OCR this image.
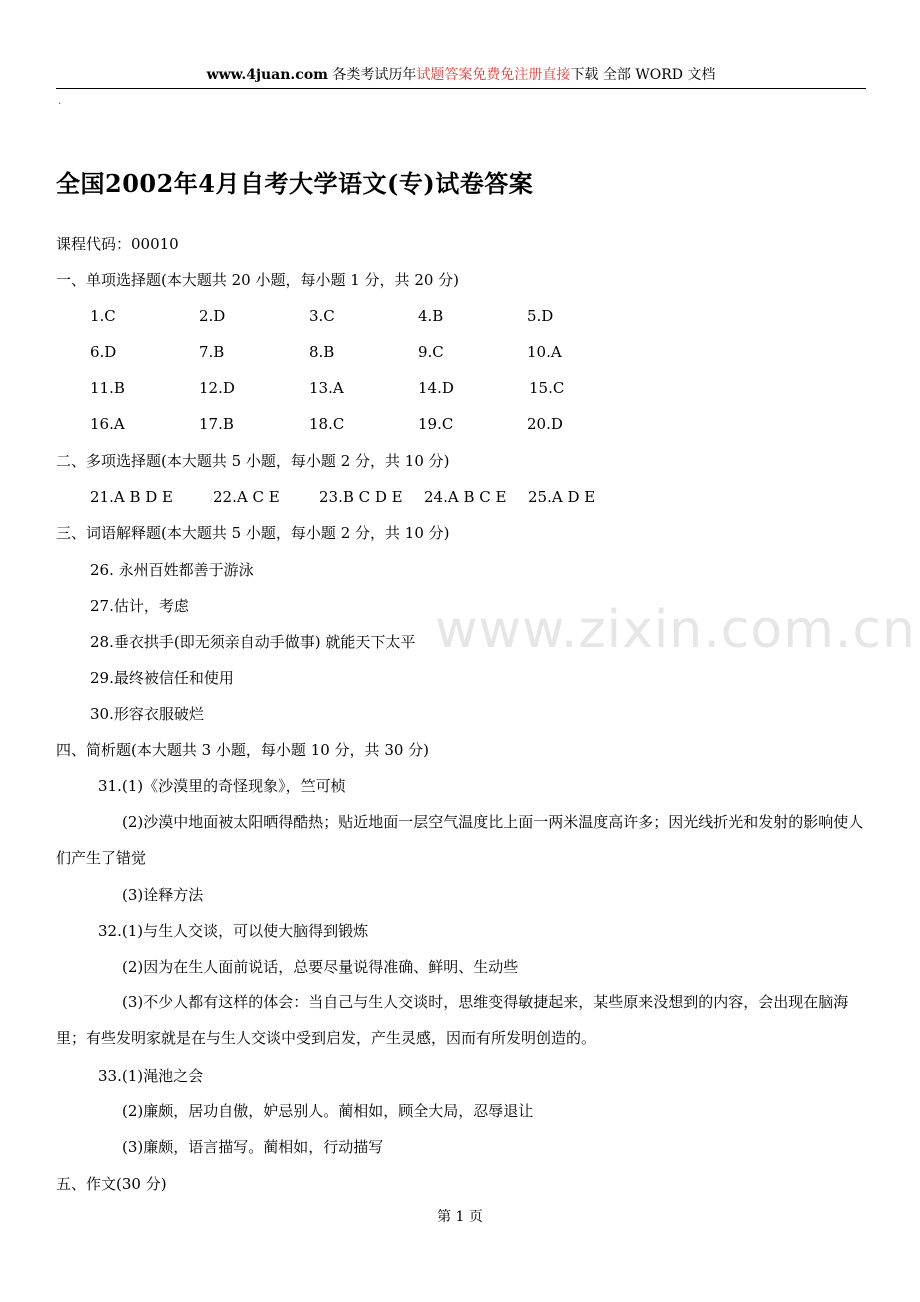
www.4juan.com 各类考试历年试题答案免费免注册直接下载 全部 WORD 文档
.
www.zixin.com.cn
全国2002年4月自考大学语文(专)试卷答案
课程代码：00010
一、单项选择题(本大题共 20 小题，每小题 1 分，共 20 分)
1.C	2.D	3.C	4.B	5.D
6.D	7.B	8.B	9.C	10.A
11.B	12.D	13.A	14.D	15.C
16.A	17.B	18.C	19.C	20.D
二、多项选择题(本大题共 5 小题，每小题 2 分，共 10 分)
21.A B D E	22.A C E	23.B C D E 24.A B C E 25.A D E
三、词语解释题(本大题共 5 小题，每小题 2 分，共 10 分)
26. 永州百姓都善于游泳
27.估计，考虑
28.垂衣拱手(即无须亲自动手做事) 就能天下太平
29.最终被信任和使用
30.形容衣服破烂
四、简析题(本大题共 3 小题，每小题 10 分，共 30 分)
31.(1)《沙漠里的奇怪现象》，竺可桢
(2)沙漠中地面被太阳晒得酷热；贴近地面一层空气温度比上面一两米温度高许多；因光线折光和发射的影响使人们产生了错觉
(3)诠释方法
32.(1)与生人交谈，可以使大脑得到锻炼
(2)因为在生人面前说话，总要尽量说得准确、鲜明、生动些
(3)不少人都有这样的体会：当自己与生人交谈时，思维变得敏捷起来，某些原来没想到的内容，会出现在脑海里；有些发明家就是在与生人交谈中受到启发，产生灵感，因而有所发明创造的。
33.(1)渑池之会
(2)廉颇，居功自傲，妒忌别人。蔺相如，顾全大局，忍辱退让
(3)廉颇，语言描写。蔺相如，行动描写
五、作文(30 分)
第 1 页
